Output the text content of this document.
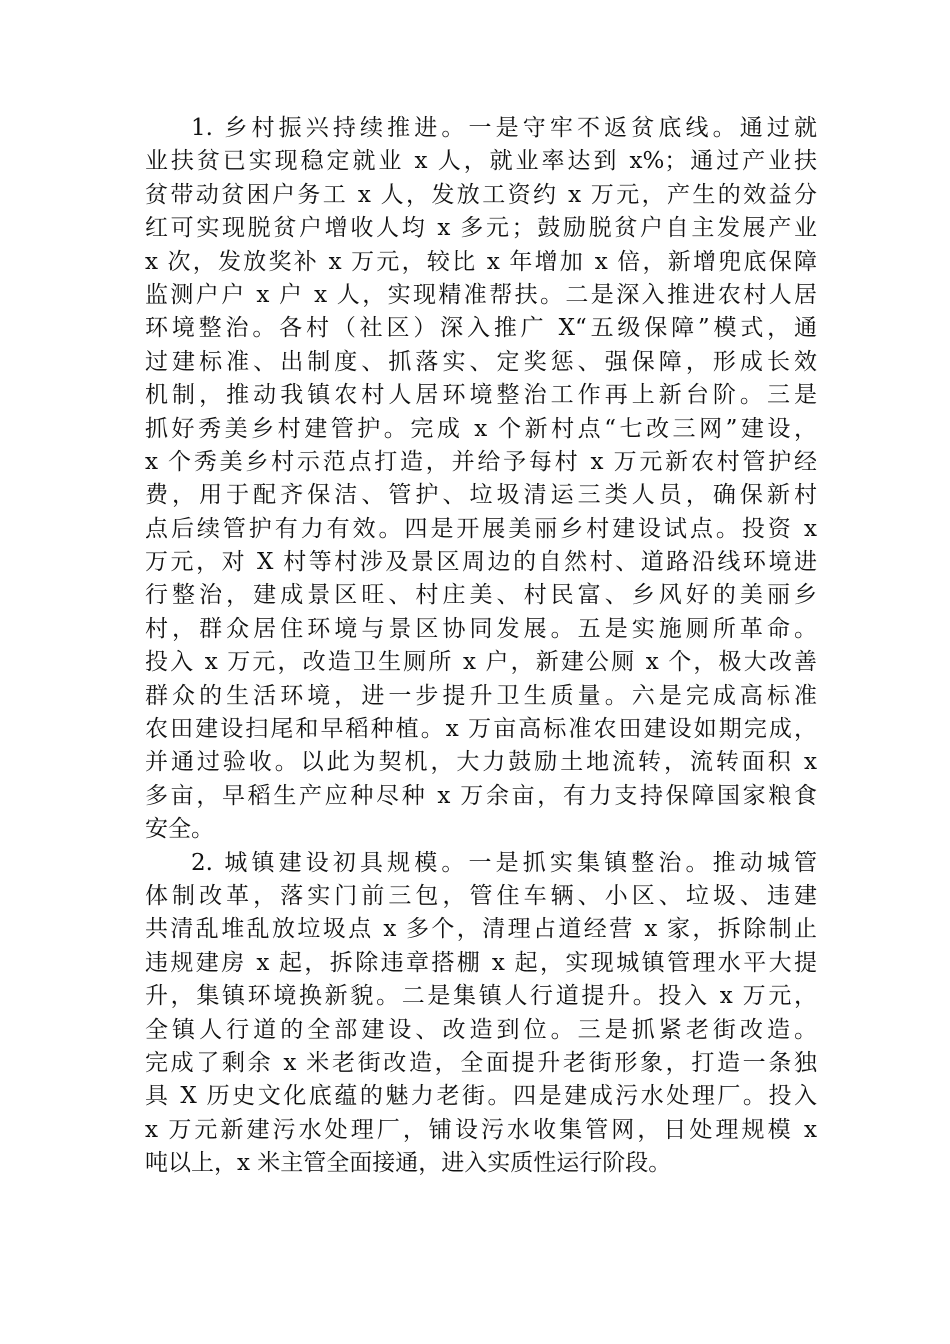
1. 乡村振兴持续推进。一是守牢不返贫底线。通过就
业扶贫已实现稳定就业 x 人，就业率达到 x%；通过产业扶
贫带动贫困户务工 x 人，发放工资约 x 万元，产生的效益分
红可实现脱贫户增收人均 x 多元；鼓励脱贫户自主发展产业
x 次，发放奖补 x 万元，较比 x 年增加 x 倍，新增兜底保障
监测户户 x 户 x 人，实现精准帮扶。二是深入推进农村人居
环境整治。各村（社区）深入推广 X“五级保障”模式，通
过建标准、出制度、抓落实、定奖惩、强保障，形成长效
机制，推动我镇农村人居环境整治工作再上新台阶。三是
抓好秀美乡村建管护。完成 x 个新村点“七改三网”建设，
x 个秀美乡村示范点打造，并给予每村 x 万元新农村管护经
费，用于配齐保洁、管护、垃圾清运三类人员，确保新村
点后续管护有力有效。四是开展美丽乡村建设试点。投资 x
万元，对 X 村等村涉及景区周边的自然村、道路沿线环境进
行整治，建成景区旺、村庄美、村民富、乡风好的美丽乡
村，群众居住环境与景区协同发展。五是实施厕所革命。
投入 x 万元，改造卫生厕所 x 户，新建公厕 x 个，极大改善
群众的生活环境，进一步提升卫生质量。六是完成高标准
农田建设扫尾和早稻种植。x 万亩高标准农田建设如期完成，
并通过验收。以此为契机，大力鼓励土地流转，流转面积 x
多亩，早稻生产应种尽种 x 万余亩，有力支持保障国家粮食
安全。
2. 城镇建设初具规模。一是抓实集镇整治。推动城管
体制改革，落实门前三包，管住车辆、小区、垃圾、违建
共清乱堆乱放垃圾点 x 多个，清理占道经营 x 家，拆除制止
违规建房 x 起，拆除违章搭棚 x 起，实现城镇管理水平大提
升，集镇环境换新貌。二是集镇人行道提升。投入 x 万元，
全镇人行道的全部建设、改造到位。三是抓紧老街改造。
完成了剩余 x 米老街改造，全面提升老街形象，打造一条独
具 X 历史文化底蕴的魅力老街。四是建成污水处理厂。投入
x 万元新建污水处理厂，铺设污水收集管网，日处理规模 x
吨以上，x 米主管全面接通，进入实质性运行阶段。
